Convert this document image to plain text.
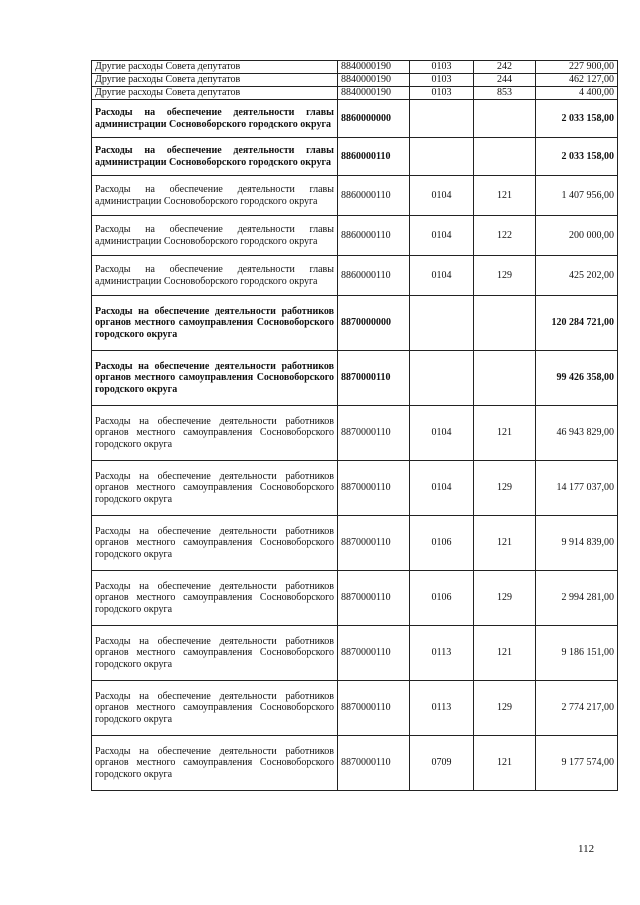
Другие расходы Совета депутатов	8840000190	0103	242	227 900,00
Другие расходы Совета депутатов	8840000190	0103	244	462 127,00
Другие расходы Совета депутатов	8840000190	0103	853	4 400,00
Расходы на обеспечение деятельности главы администрации Сосновоборского городского округа	8860000000			2 033 158,00
Расходы на обеспечение деятельности главы администрации Сосновоборского городского округа	8860000110			2 033 158,00
Расходы на обеспечение деятельности главы администрации Сосновоборского городского округа	8860000110	0104	121	1 407 956,00
Расходы на обеспечение деятельности главы администрации Сосновоборского городского округа	8860000110	0104	122	200 000,00
Расходы на обеспечение деятельности главы администрации Сосновоборского городского округа	8860000110	0104	129	425 202,00
Расходы на обеспечение деятельности работников органов местного самоуправления Сосновоборского городского округа	8870000000			120 284 721,00
Расходы на обеспечение деятельности работников органов местного самоуправления Сосновоборского городского округа	8870000110			99 426 358,00
Расходы на обеспечение деятельности работников органов местного самоуправления Сосновоборского городского округа	8870000110	0104	121	46 943 829,00
Расходы на обеспечение деятельности работников органов местного самоуправления Сосновоборского городского округа	8870000110	0104	129	14 177 037,00
Расходы на обеспечение деятельности работников органов местного самоуправления Сосновоборского городского округа	8870000110	0106	121	9 914 839,00
Расходы на обеспечение деятельности работников органов местного самоуправления Сосновоборского городского округа	8870000110	0106	129	2 994 281,00
Расходы на обеспечение деятельности работников органов местного самоуправления Сосновоборского городского округа	8870000110	0113	121	9 186 151,00
Расходы на обеспечение деятельности работников органов местного самоуправления Сосновоборского городского округа	8870000110	0113	129	2 774 217,00
Расходы на обеспечение деятельности работников органов местного самоуправления Сосновоборского городского округа	8870000110	0709	121	9 177 574,00
112
